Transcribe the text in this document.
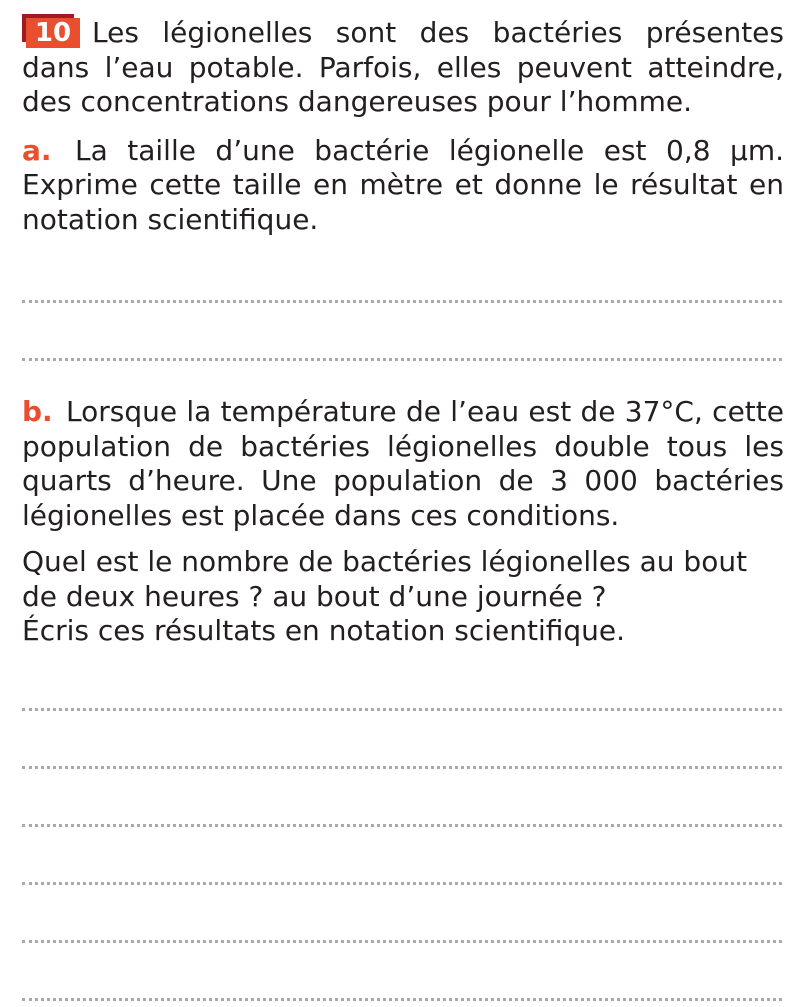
10 Les légionelles sont des bactéries présentes dans l’eau potable. Parfois, elles peuvent atteindre, des concentrations dangereuses pour l’homme.

a. La taille d’une bactérie légionelle est 0,8 µm. Exprime cette taille en mètre et donne le résultat en notation scientifique.

b. Lorsque la température de l’eau est de 37°C, cette population de bactéries légionelles double tous les quarts d’heure. Une population de 3 000 bactéries légionelles est placée dans ces conditions.

Quel est le nombre de bactéries légionelles au bout de deux heures ? au bout d’une journée ?
Écris ces résultats en notation scientifique.
